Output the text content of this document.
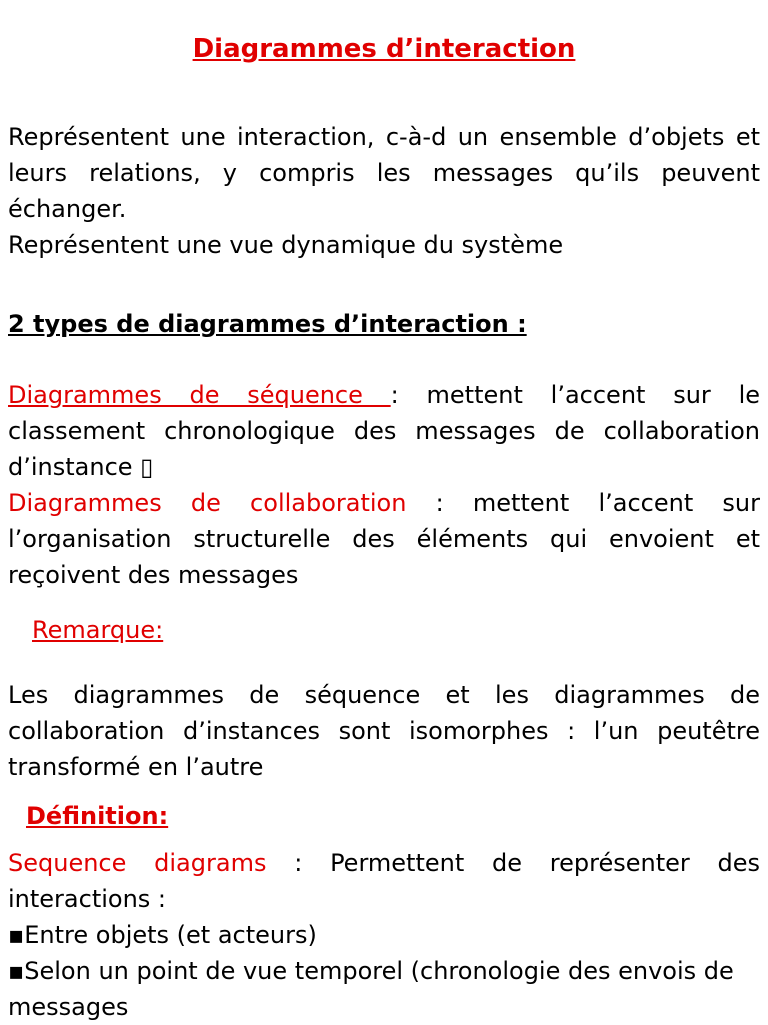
Diagrammes d’interaction
Représentent une interaction, c-à-d un ensemble d’objets et leurs relations, y compris les messages qu’ils peuvent échanger.
Représentent une vue dynamique du système
2 types de diagrammes d’interaction :
Diagrammes de séquence : mettent l’accent sur le classement chronologique des messages de collaboration d’instance ▯
Diagrammes de collaboration : mettent l’accent sur l’organisation structurelle des éléments qui envoient et reçoivent des messages
Remarque:
Les diagrammes de séquence et les diagrammes de collaboration d’instances sont isomorphes : l’un peutêtre transformé en l’autre
Définition:
Sequence diagrams : Permettent de représenter des interactions :
▪Entre objets (et acteurs)
▪Selon un point de vue temporel (chronologie des envois de messages
